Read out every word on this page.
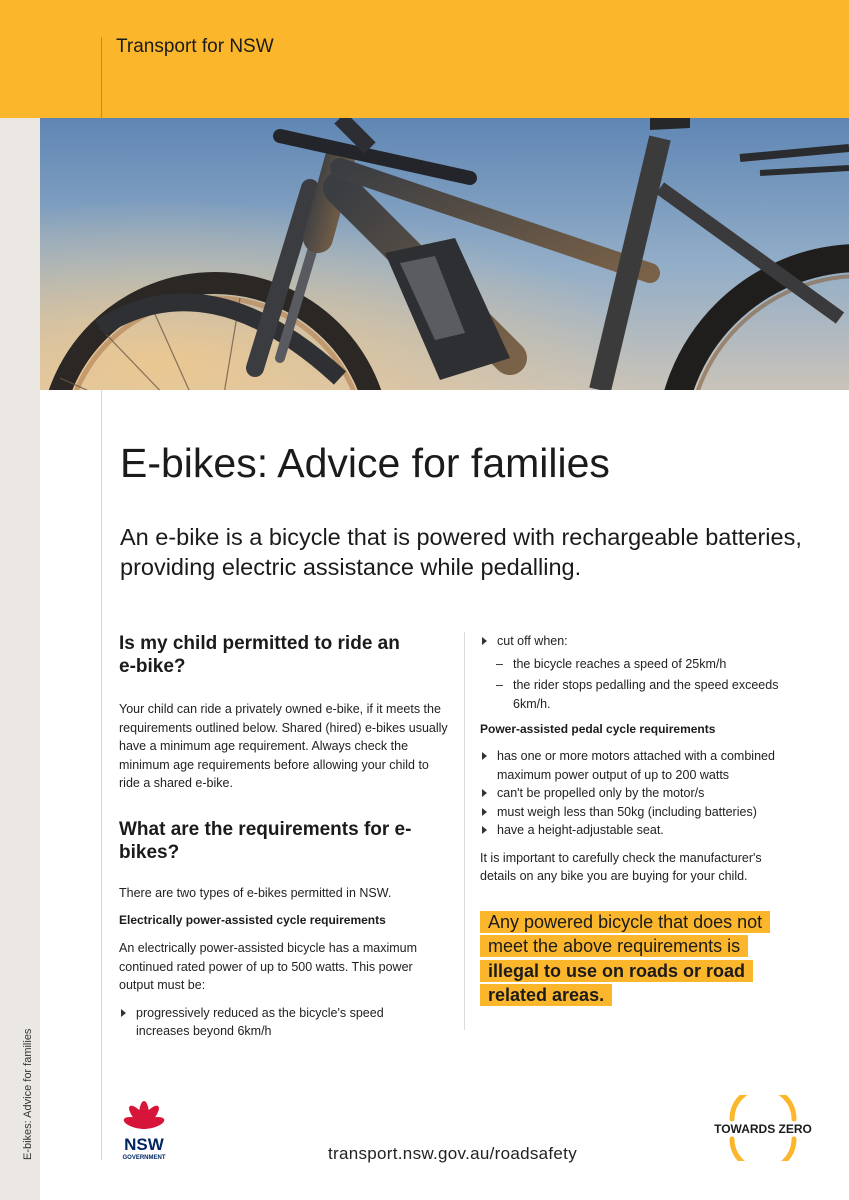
Transport for NSW
E-bikes: Advice for families
E-bikes: Advice for families

An e-bike is a bicycle that is powered with rechargeable batteries, providing electric assistance while pedalling.

Is my child permitted to ride an e-bike?

Your child can ride a privately owned e-bike, if it meets the requirements outlined below. Shared (hired) e-bikes usually have a minimum age requirement. Always check the minimum age requirements before allowing your child to ride a shared e-bike.

What are the requirements for e-bikes?

There are two types of e-bikes permitted in NSW.

Electrically power-assisted cycle requirements

An electrically power-assisted bicycle has a maximum continued rated power of up to 500 watts. This power output must be:

progressively reduced as the bicycle's speed increases beyond 6km/h
cut off when:
– the bicycle reaches a speed of 25km/h
– the rider stops pedalling and the speed exceeds 6km/h.
Power-assisted pedal cycle requirements
has one or more motors attached with a combined maximum power output of up to 200 watts
can't be propelled only by the motor/s
must weigh less than 50kg (including batteries)
have a height-adjustable seat.

It is important to carefully check the manufacturer's details on any bike you are buying for your child.

Any powered bicycle that does not meet the above requirements is illegal to use on roads or road related areas.
NSW
GOVERNMENT	transport.nsw.gov.au/roadsafety
TOWARDS ZERO
